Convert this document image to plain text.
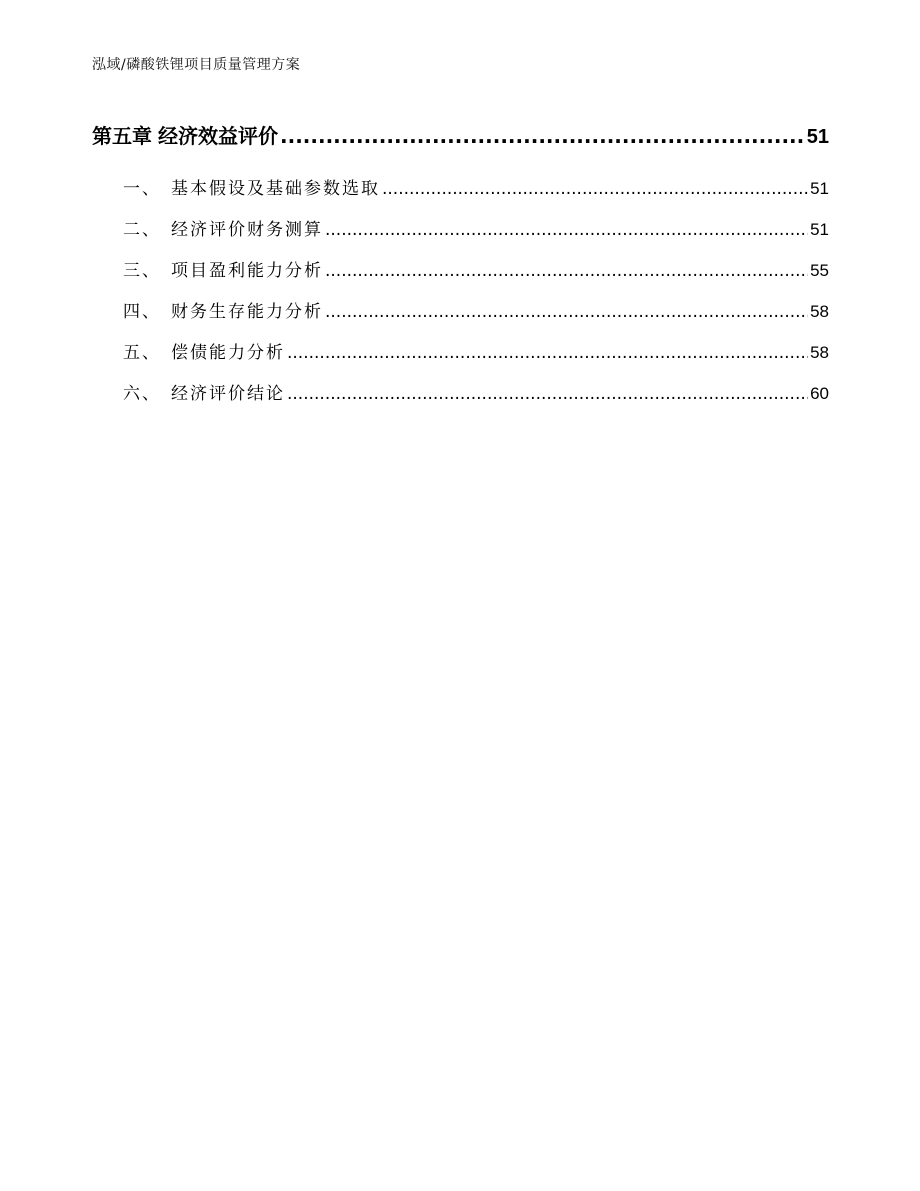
泓域/磷酸铁锂项目质量管理方案
第五章 经济效益评价 .....	51
一、 基本假设及基础参数选取 .....	51
二、 经济评价财务测算 .....	51
三、 项目盈利能力分析 .....	55
四、 财务生存能力分析 .....	58
五、 偿债能力分析 .....	58
六、 经济评价结论 .....	60
